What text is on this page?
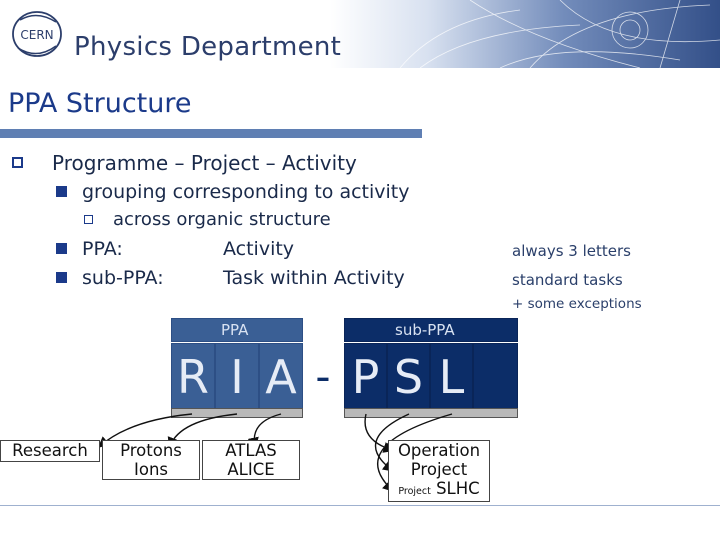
CERN Physics Department
PPA Structure
Programme – Project – Activity
grouping corresponding to activity
across organic structure
PPA:	Activity	always 3 letters
sub-PPA:	Task within Activity	standard tasks
+ some exceptions
PPA	sub-PPA
R I A - P S L
Research	Protons
Ions
ATLAS
ALICE
Operation
Project
Project SLHC
